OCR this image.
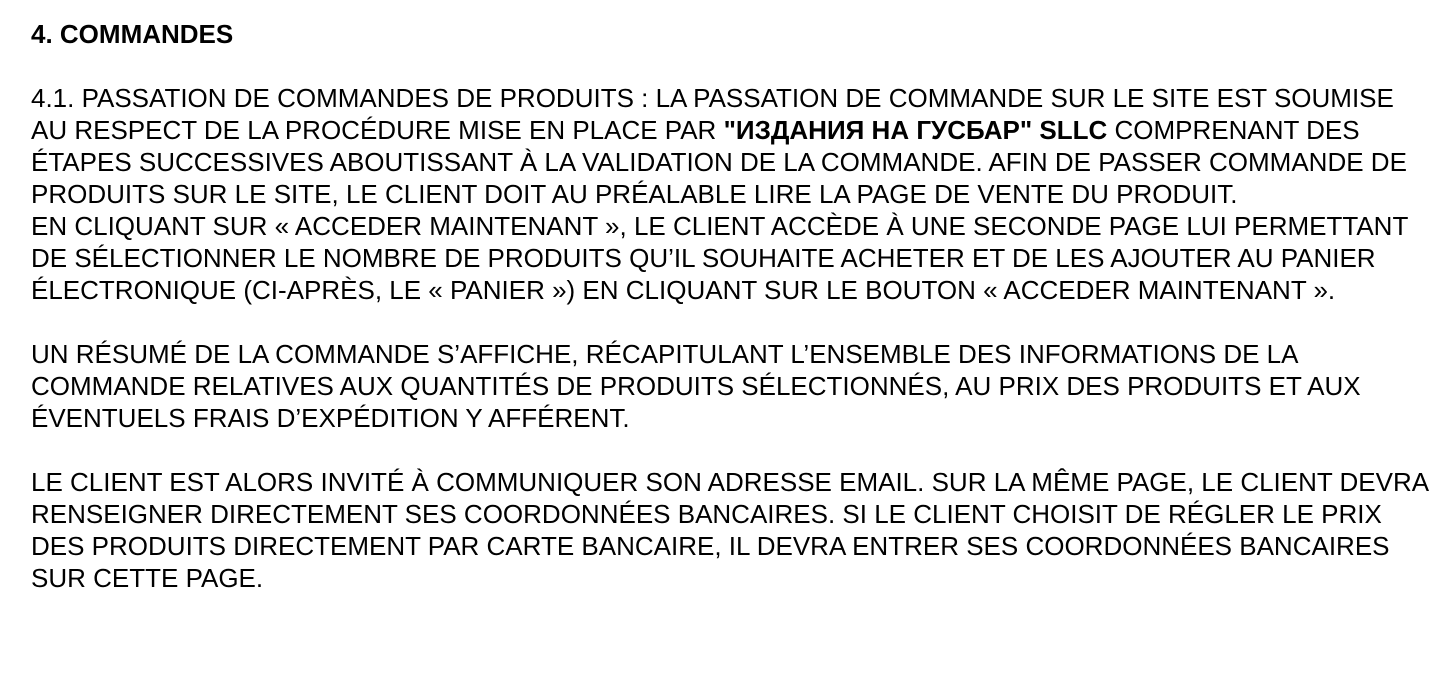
4. COMMANDES

4.1. PASSATION DE COMMANDES DE PRODUITS : LA PASSATION DE COMMANDE SUR LE SITE EST SOUMISE AU RESPECT DE LA PROCÉDURE MISE EN PLACE PAR "ИЗДАНИЯ НА ГУСБАР" SLLC COMPRENANT DES ÉTAPES SUCCESSIVES ABOUTISSANT À LA VALIDATION DE LA COMMANDE. AFIN DE PASSER COMMANDE DE PRODUITS SUR LE SITE, LE CLIENT DOIT AU PRÉALABLE LIRE LA PAGE DE VENTE DU PRODUIT.

EN CLIQUANT SUR « ACCEDER MAINTENANT », LE CLIENT ACCÈDE À UNE SECONDE PAGE LUI PERMETTANT DE SÉLECTIONNER LE NOMBRE DE PRODUITS QU’IL SOUHAITE ACHETER ET DE LES AJOUTER AU PANIER ÉLECTRONIQUE (CI-APRÈS, LE « PANIER ») EN CLIQUANT SUR LE BOUTON « ACCEDER MAINTENANT ».

UN RÉSUMÉ DE LA COMMANDE S’AFFICHE, RÉCAPITULANT L’ENSEMBLE DES INFORMATIONS DE LA COMMANDE RELATIVES AUX QUANTITÉS DE PRODUITS SÉLECTIONNÉS, AU PRIX DES PRODUITS ET AUX ÉVENTUELS FRAIS D’EXPÉDITION Y AFFÉRENT.

LE CLIENT EST ALORS INVITÉ À COMMUNIQUER SON ADRESSE EMAIL. SUR LA MÊME PAGE, LE CLIENT DEVRA RENSEIGNER DIRECTEMENT SES COORDONNÉES BANCAIRES. SI LE CLIENT CHOISIT DE RÉGLER LE PRIX DES PRODUITS DIRECTEMENT PAR CARTE BANCAIRE, IL DEVRA ENTRER SES COORDONNÉES BANCAIRES SUR CETTE PAGE.
